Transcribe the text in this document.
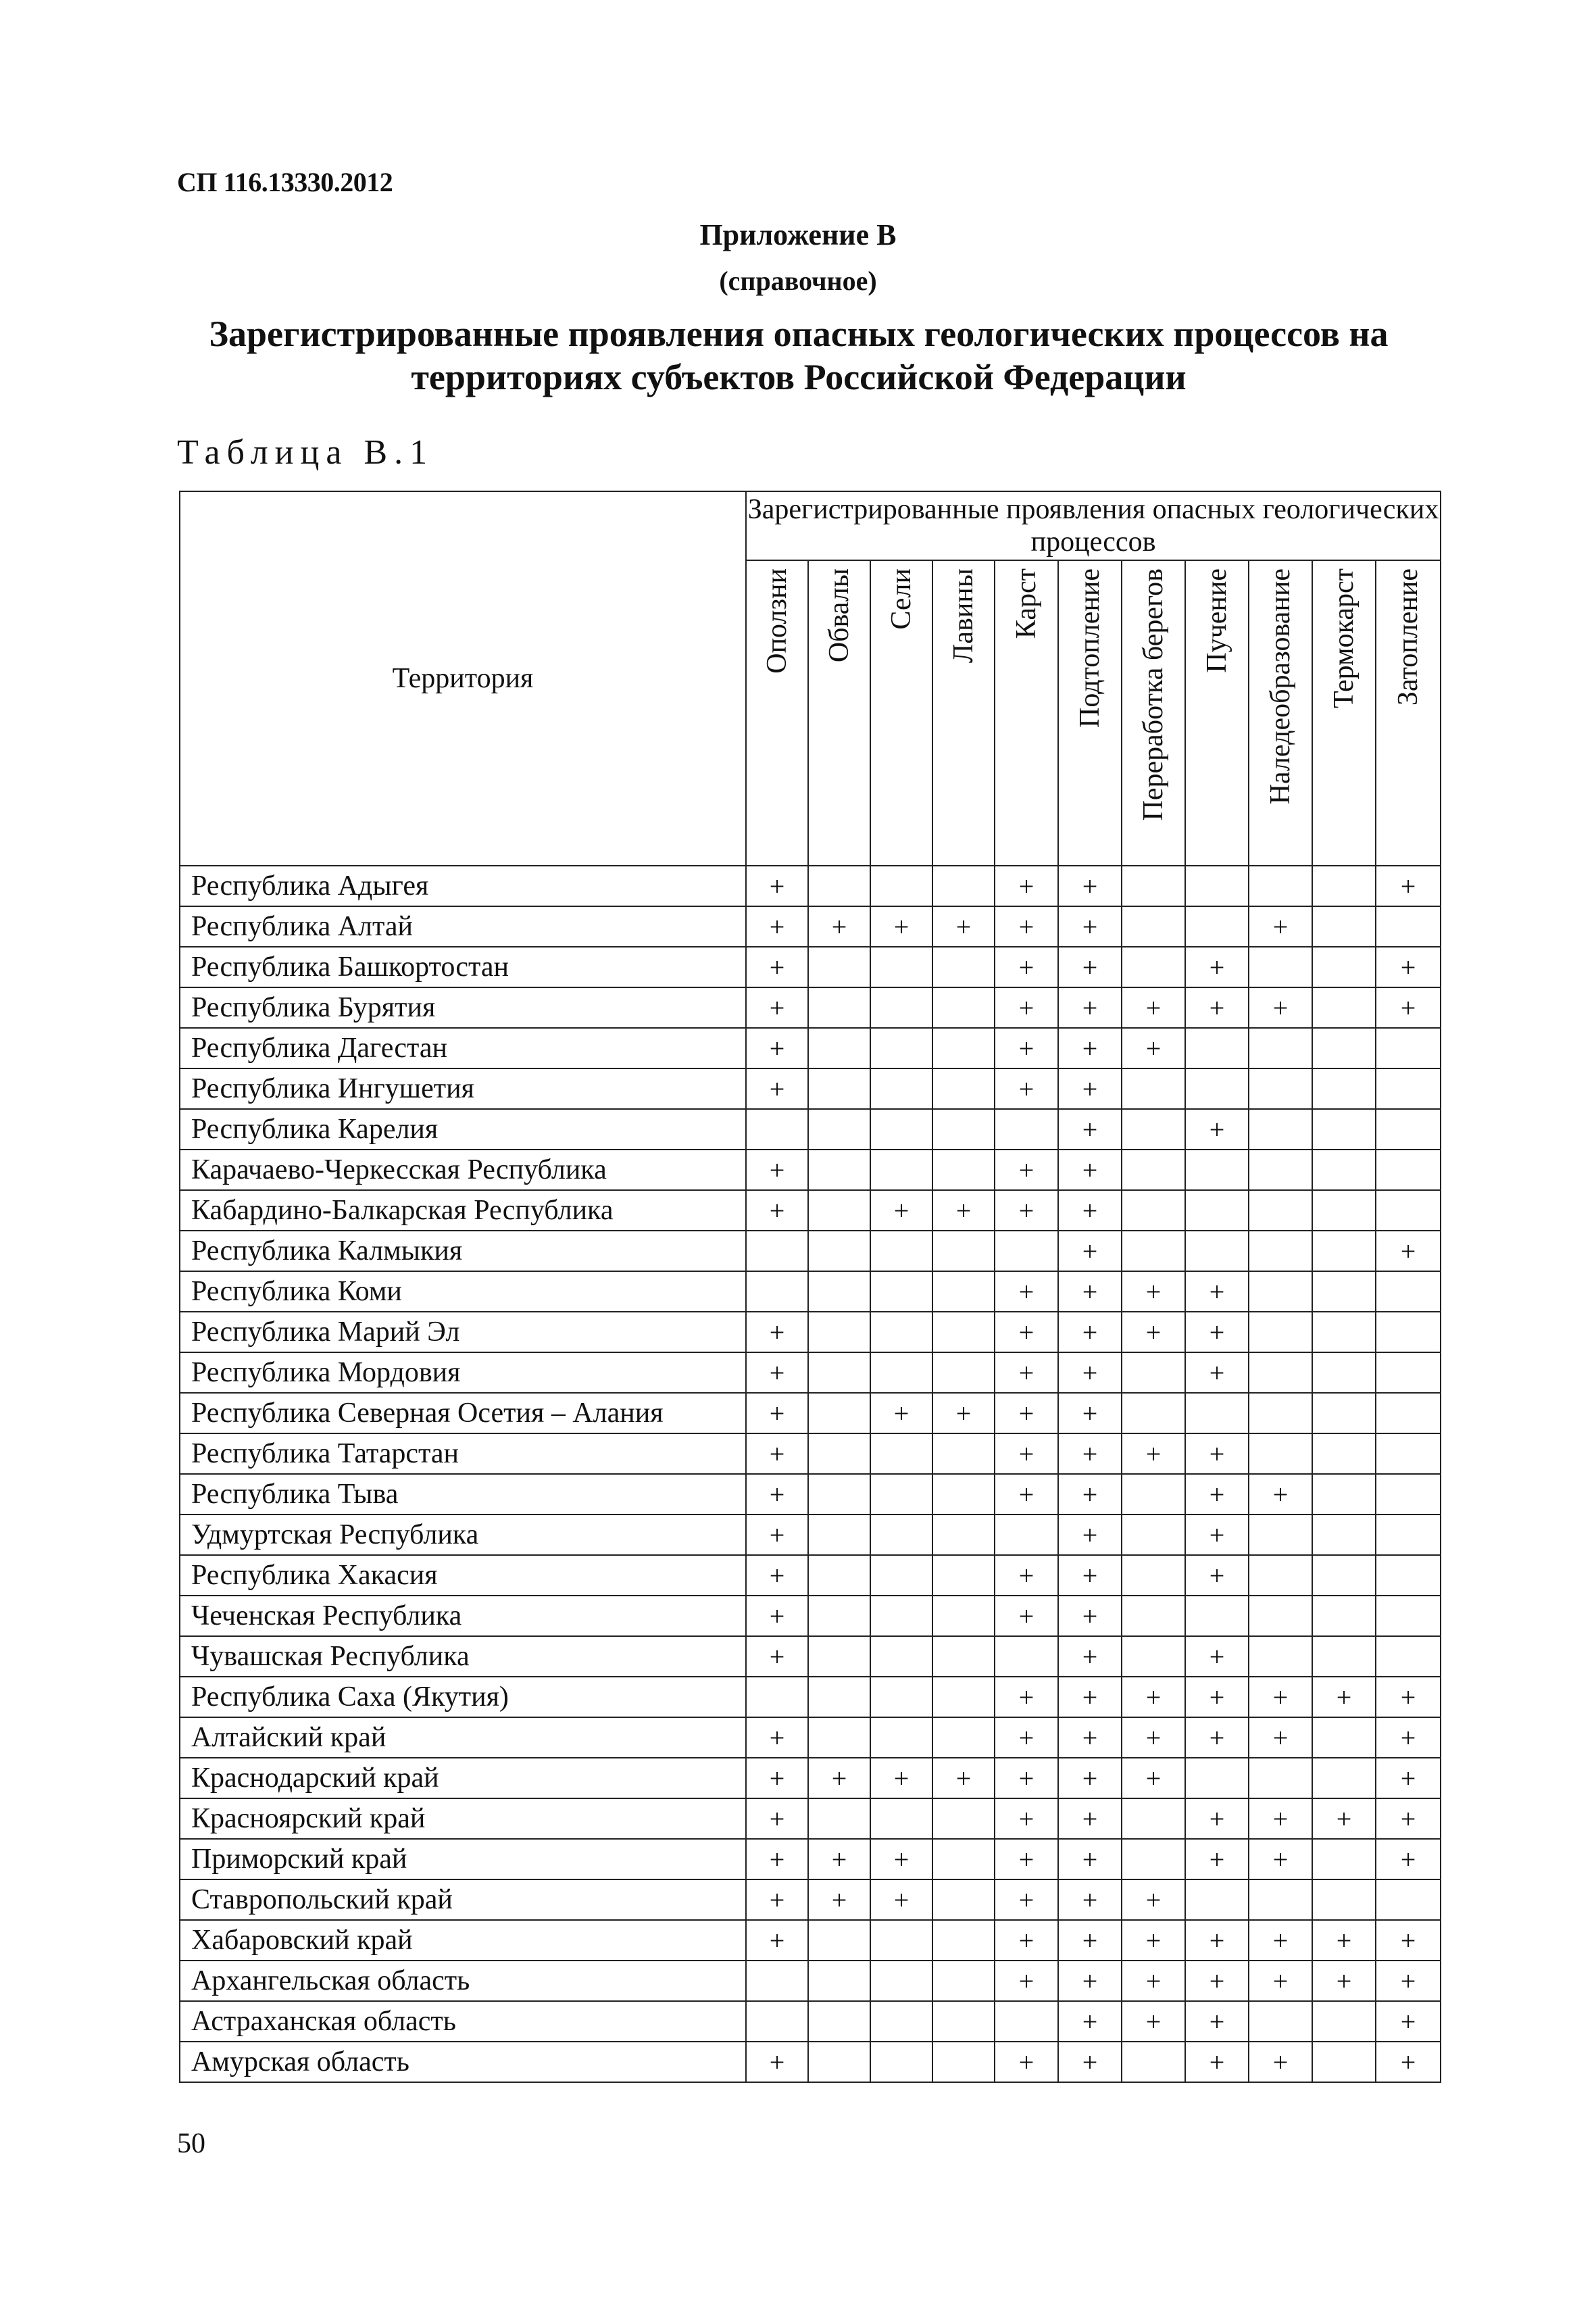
СП 116.13330.2012
Приложение В
(справочное)
Зарегистрированные проявления опасных геологических процессов на
территориях субъектов Российской Федерации
Таблица В.1
Территория	Зарегистрированные проявления опасных геологических процессов										

	Оползни	Обвалы	Сели	Лавины	Карст	Подтопление	Переработка берегов	Пучение	Наледеобразование	Термокарст	Затопление

Республика Адыгея	+				+	+					+
Республика Алтай	+	+	+	+	+	+			+		
Республика Башкортостан	+				+	+		+			+
Республика Бурятия	+				+	+	+	+	+		+
Республика Дагестан	+				+	+	+				
Республика Ингушетия	+				+	+					
Республика Карелия						+		+			
Карачаево-Черкесская Республика	+				+	+					
Кабардино-Балкарская Республика	+		+	+	+	+					
Республика Калмыкия						+					+
Республика Коми					+	+	+	+			
Республика Марий Эл	+				+	+	+	+			
Республика Мордовия	+				+	+		+			
Республика Северная Осетия – Алания	+		+	+	+	+					
Республика Татарстан	+				+	+	+	+			
Республика Тыва	+				+	+		+	+		
Удмуртская Республика	+					+		+			
Республика Хакасия	+				+	+		+			
Чеченская Республика	+				+	+					
Чувашская Республика	+					+		+			
Республика Саха (Якутия)					+	+	+	+	+	+	+
Алтайский край	+				+	+	+	+	+		+
Краснодарский край	+	+	+	+	+	+	+				+
Красноярский край	+				+	+		+	+	+	+
Приморский край	+	+	+		+	+		+	+		+
Ставропольский край	+	+	+		+	+	+				
Хабаровский край	+				+	+	+	+	+	+	+
Архангельская область					+	+	+	+	+	+	+
Астраханская область						+	+	+			+
Амурская область	+				+	+		+	+		+
50
